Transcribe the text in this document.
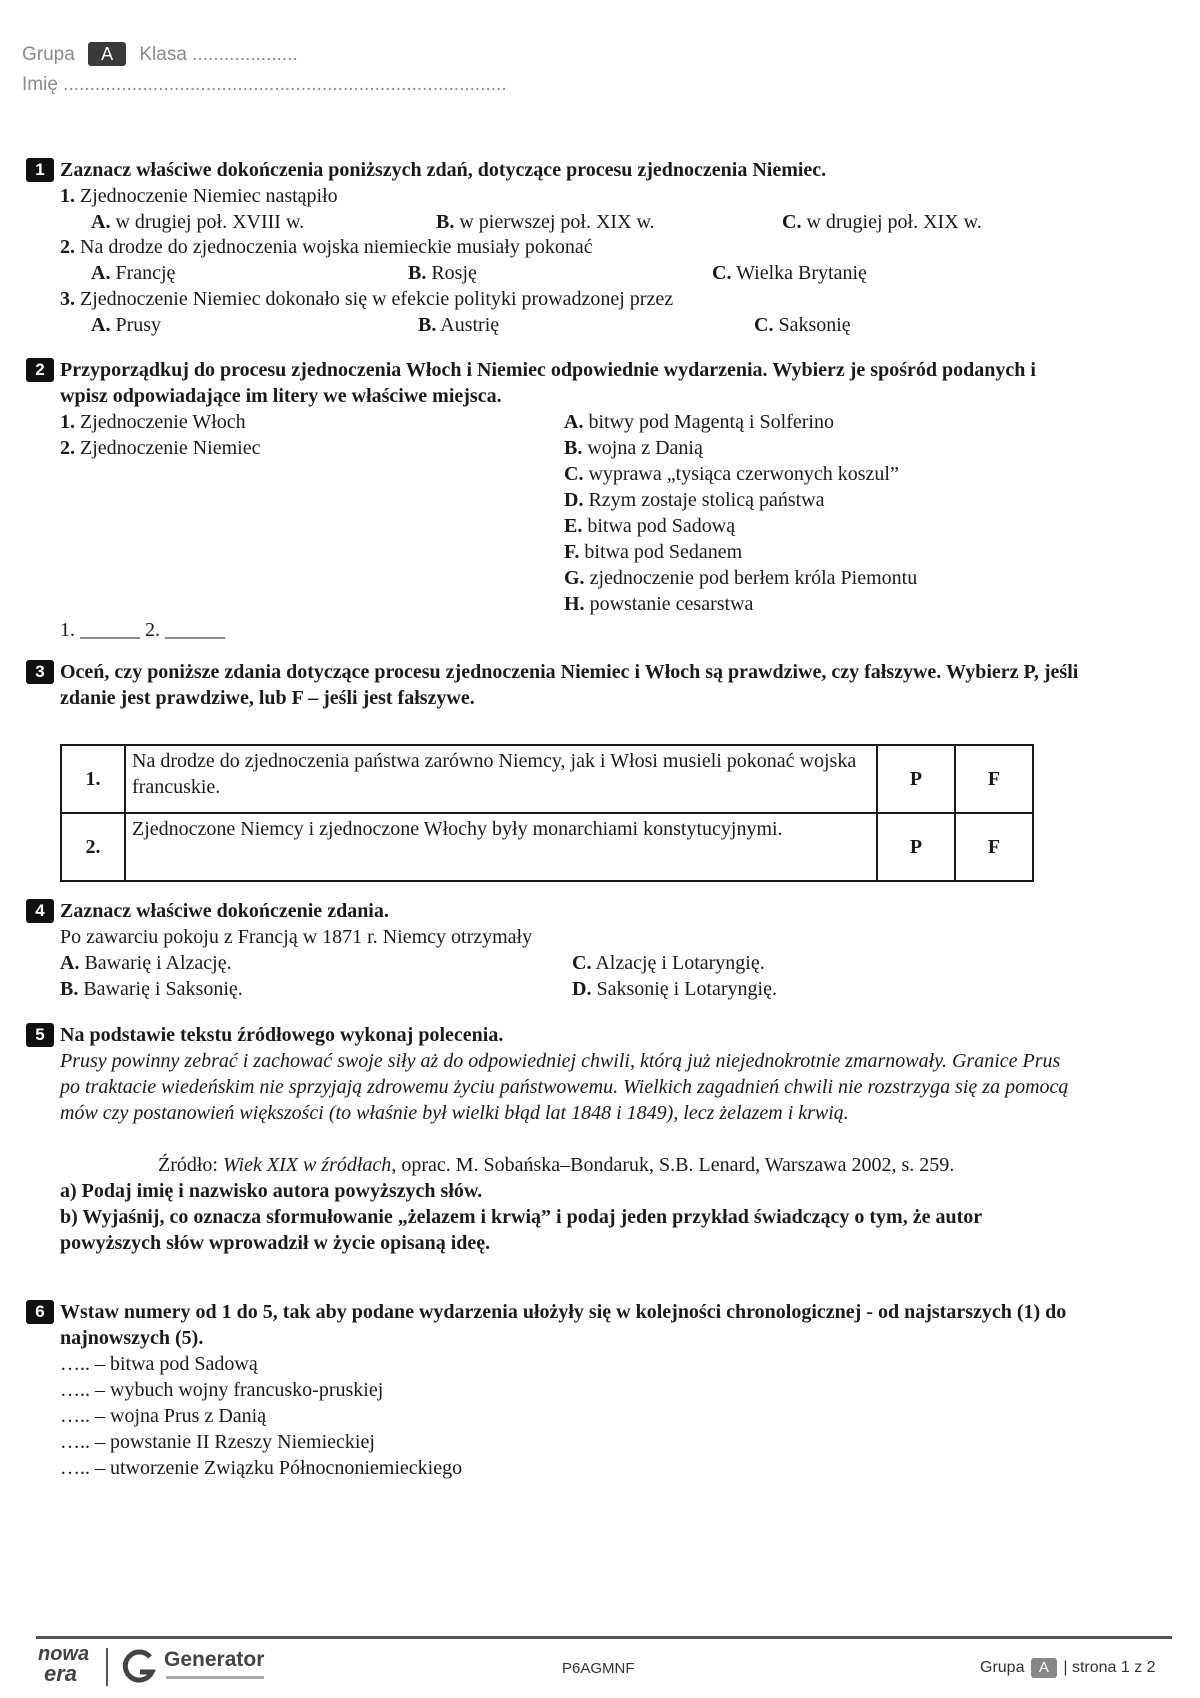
Grupa A Klasa ....................
Imię ....................................................................................
1 Zaznacz właściwe dokończenia poniższych zdań, dotyczące procesu zjednoczenia Niemiec.
1. Zjednoczenie Niemiec nastąpiło
A. w drugiej poł. XVIII w.	B. w pierwszej poł. XIX w.	C. w drugiej poł. XIX w.
2. Na drodze do zjednoczenia wojska niemieckie musiały pokonać
A. Francję	B. Rosję	C. Wielka Brytanię
3. Zjednoczenie Niemiec dokonało się w efekcie polityki prowadzonej przez
A. Prusy	B. Austrię	C. Saksonię
2 Przyporządkuj do procesu zjednoczenia Włoch i Niemiec odpowiednie wydarzenia. Wybierz je spośród podanych i wpisz odpowiadające im litery we właściwe miejsca.
1. Zjednoczenie Włoch
2. Zjednoczenie Niemiec
A. bitwy pod Magentą i Solferino
B. wojna z Danią
C. wyprawa „tysiąca czerwonych koszul”
D. Rzym zostaje stolicą państwa
E. bitwa pod Sadową
F. bitwa pod Sedanem
G. zjednoczenie pod berłem króla Piemontu
H. powstanie cesarstwa
1. ______ 2. ______
3 Oceń, czy poniższe zdania dotyczące procesu zjednoczenia Niemiec i Włoch są prawdziwe, czy fałszywe. Wybierz P, jeśli zdanie jest prawdziwe, lub F – jeśli jest fałszywe.
1.	Na drodze do zjednoczenia państwa zarówno Niemcy, jak i Włosi musieli pokonać wojska francuskie.	P	F
2.	Zjednoczone Niemcy i zjednoczone Włochy były monarchiami konstytucyjnymi.	P	F
4 Zaznacz właściwe dokończenie zdania.
Po zawarciu pokoju z Francją w 1871 r. Niemcy otrzymały
A. Bawarię i Alzację.	C. Alzację i Lotaryngię.
B. Bawarię i Saksonię.	D. Saksonię i Lotaryngię.
5 Na podstawie tekstu źródłowego wykonaj polecenia.
Prusy powinny zebrać i zachować swoje siły aż do odpowiedniej chwili, którą już niejednokrotnie zmarnowały. Granice Prus po traktacie wiedeńskim nie sprzyjają zdrowemu życiu państwowemu. Wielkich zagadnień chwili nie rozstrzyga się za pomocą mów czy postanowień większości (to właśnie był wielki błąd lat 1848 i 1849), lecz żelazem i krwią.
Źródło: Wiek XIX w źródłach, oprac. M. Sobańska–Bondaruk, S.B. Lenard, Warszawa 2002, s. 259.
a) Podaj imię i nazwisko autora powyższych słów.
b) Wyjaśnij, co oznacza sformułowanie „żelazem i krwią” i podaj jeden przykład świadczący o tym, że autor powyższych słów wprowadził w życie opisaną ideę.
6 Wstaw numery od 1 do 5, tak aby podane wydarzenia ułożyły się w kolejności chronologicznej - od najstarszych (1) do najnowszych (5).
….. – bitwa pod Sadową
….. – wybuch wojny francusko-pruskiej
….. – wojna Prus z Danią
….. – powstanie II Rzeszy Niemieckiej
….. – utworzenie Związku Północnoniemieckiego
nowa
era
Generator	P6AGMNF	Grupa A | strona 1 z 2
